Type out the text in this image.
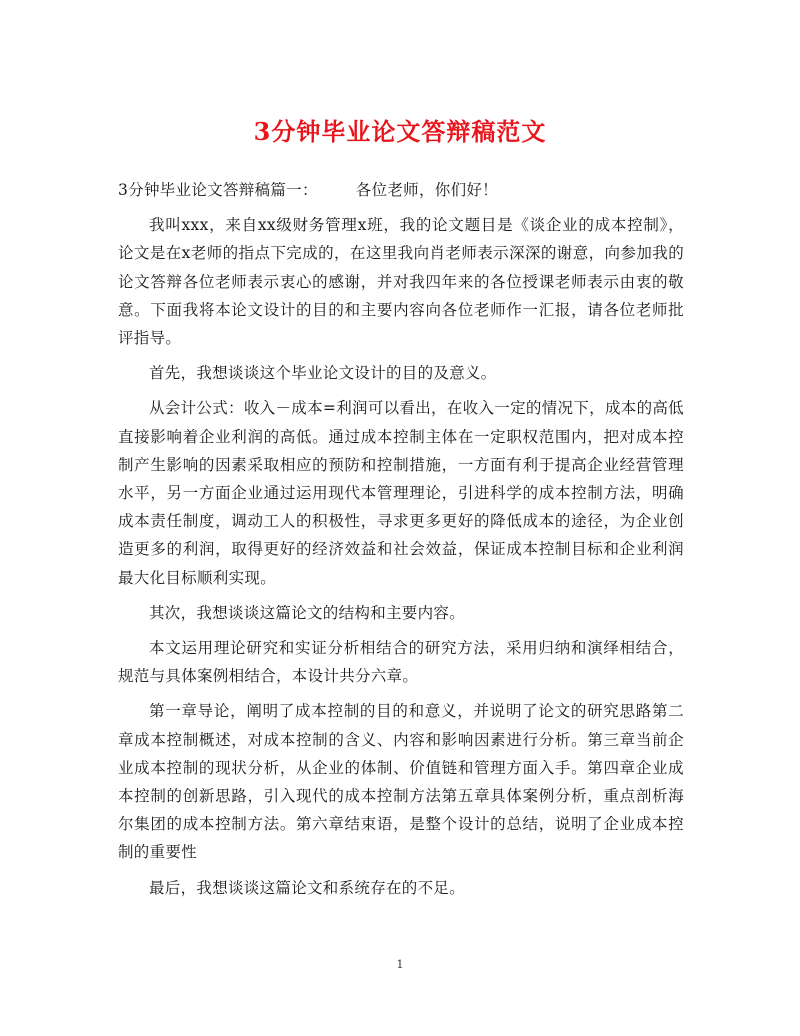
3分钟毕业论文答辩稿范文

3分钟毕业论文答辩稿篇一： 各位老师，你们好！

我叫xxx，来自xx级财务管理x班，我的论文题目是《谈企业的成本控制》，论文是在x老师的指点下完成的，在这里我向肖老师表示深深的谢意，向参加我的论文答辩各位老师表示衷心的感谢，并对我四年来的各位授课老师表示由衷的敬意。下面我将本论文设计的目的和主要内容向各位老师作一汇报，请各位老师批评指导。

首先，我想谈谈这个毕业论文设计的目的及意义。

从会计公式：收入－成本=利润可以看出，在收入一定的情况下，成本的高低直接影响着企业利润的高低。通过成本控制主体在一定职权范围内，把对成本控制产生影响的因素采取相应的预防和控制措施，一方面有利于提高企业经营管理水平，另一方面企业通过运用现代本管理理论，引进科学的成本控制方法，明确成本责任制度，调动工人的积极性，寻求更多更好的降低成本的途径，为企业创造更多的利润，取得更好的经济效益和社会效益，保证成本控制目标和企业利润最大化目标顺利实现。

其次，我想谈谈这篇论文的结构和主要内容。

本文运用理论研究和实证分析相结合的研究方法，采用归纳和演绎相结合，规范与具体案例相结合，本设计共分六章。

第一章导论，阐明了成本控制的目的和意义，并说明了论文的研究思路第二章成本控制概述，对成本控制的含义、内容和影响因素进行分析。第三章当前企业成本控制的现状分析，从企业的体制、价值链和管理方面入手。第四章企业成本控制的创新思路，引入现代的成本控制方法第五章具体案例分析，重点剖析海尔集团的成本控制方法。第六章结束语，是整个设计的总结，说明了企业成本控制的重要性

最后，我想谈谈这篇论文和系统存在的不足。

1
